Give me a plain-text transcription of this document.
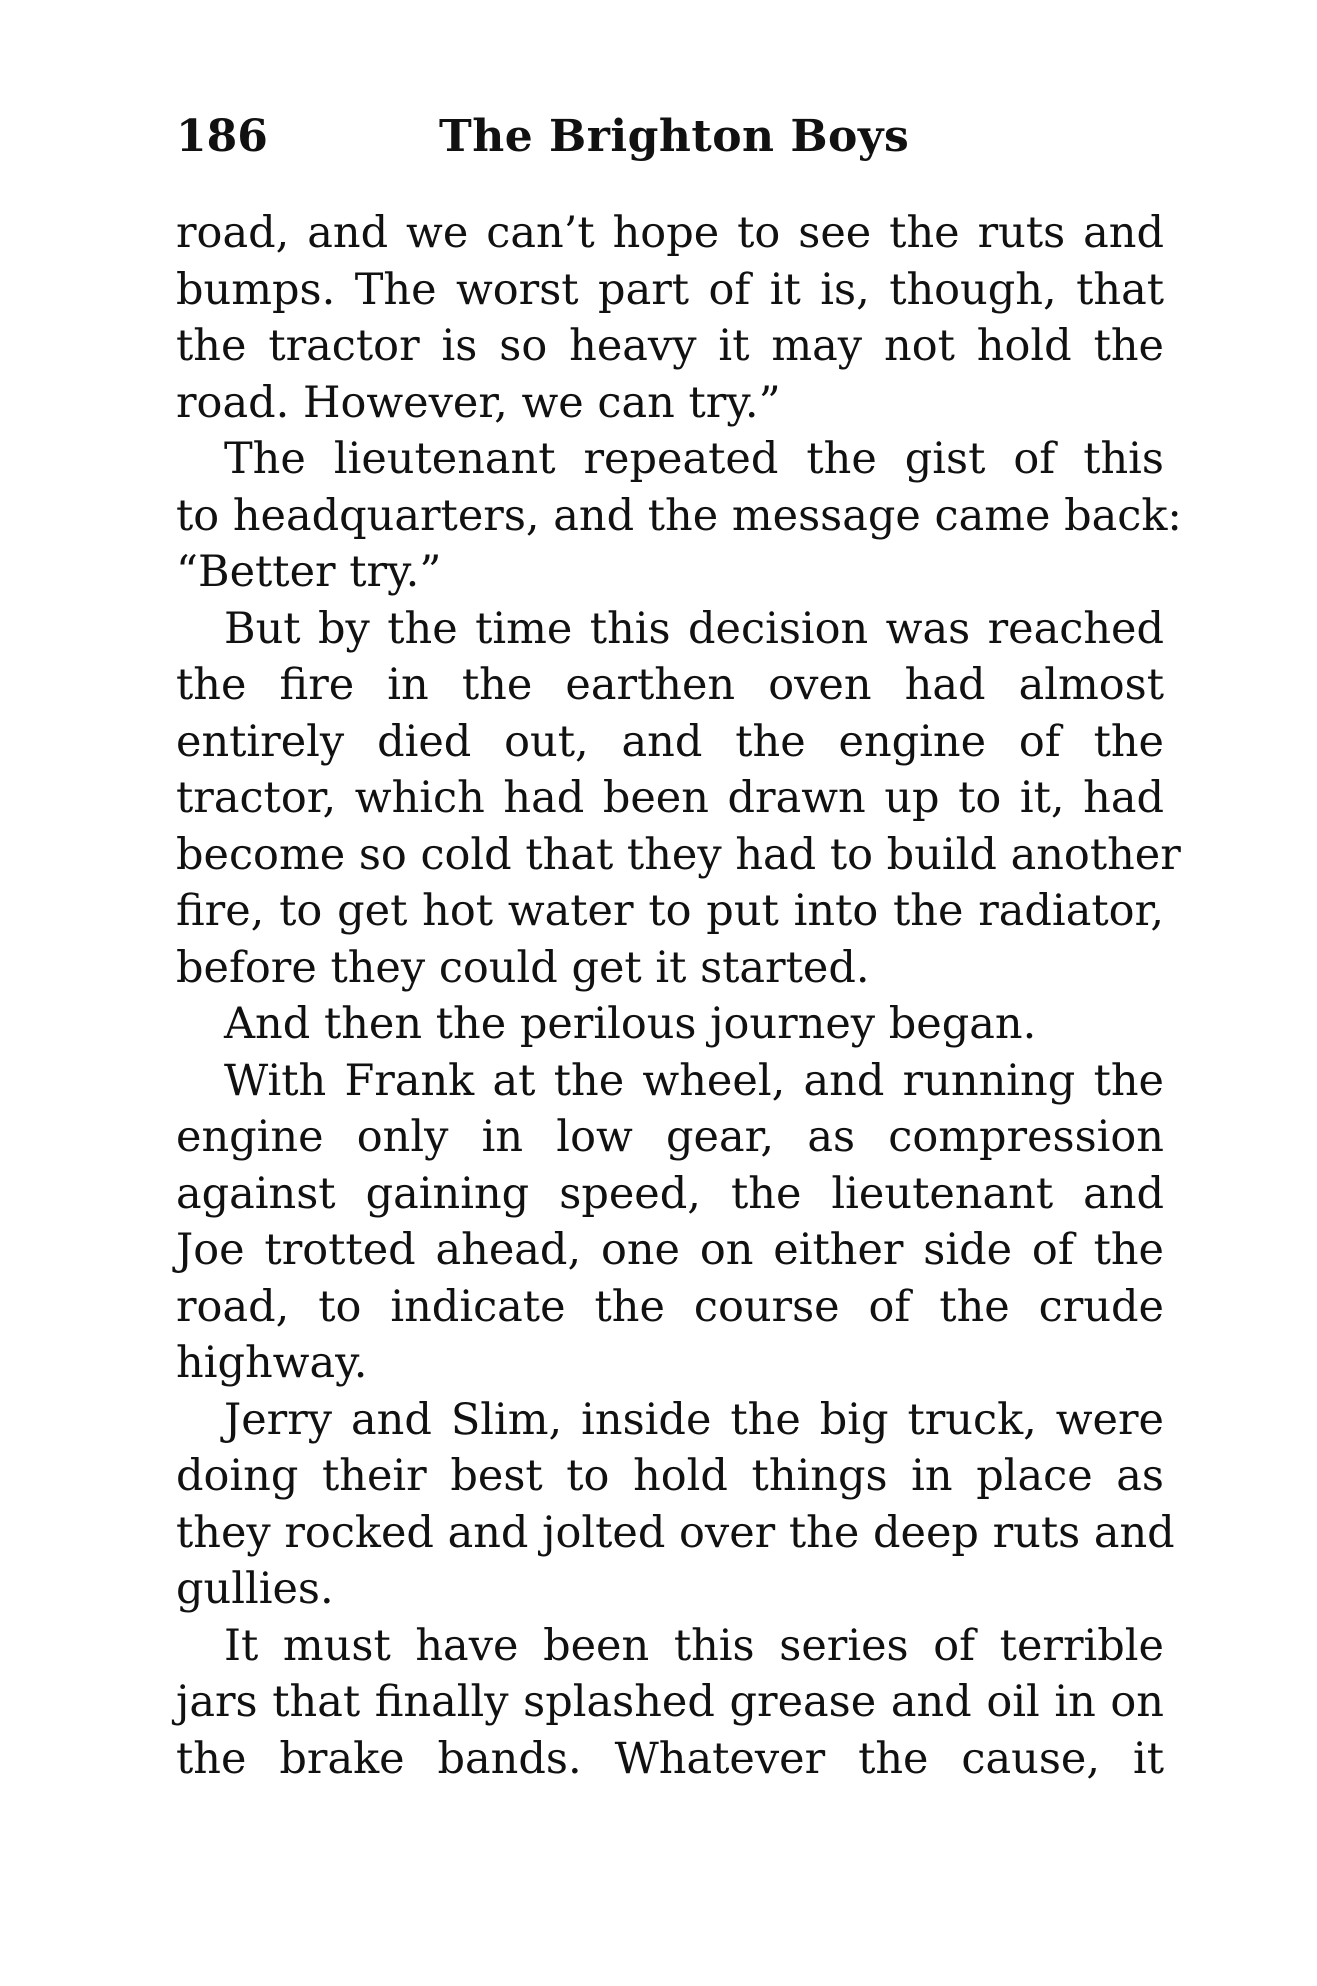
186	The Brighton Boys
road, and we can’t hope to see the ruts and
bumps. The worst part of it is, though, that
the tractor is so heavy it may not hold the
road. However, we can try.”
The lieutenant repeated the gist of this
to headquarters, and the message came back:
“Better try.”
But by the time this decision was reached
the fire in the earthen oven had almost
entirely died out, and the engine of the
tractor, which had been drawn up to it, had
become so cold that they had to build another
fire, to get hot water to put into the radiator,
before they could get it started.
And then the perilous journey began.
With Frank at the wheel, and running the
engine only in low gear, as compression
against gaining speed, the lieutenant and
Joe trotted ahead, one on either side of the
road, to indicate the course of the crude
highway.
Jerry and Slim, inside the big truck, were
doing their best to hold things in place as
they rocked and jolted over the deep ruts and
gullies.
It must have been this series of terrible
jars that finally splashed grease and oil in on
the brake bands. Whatever the cause, it
